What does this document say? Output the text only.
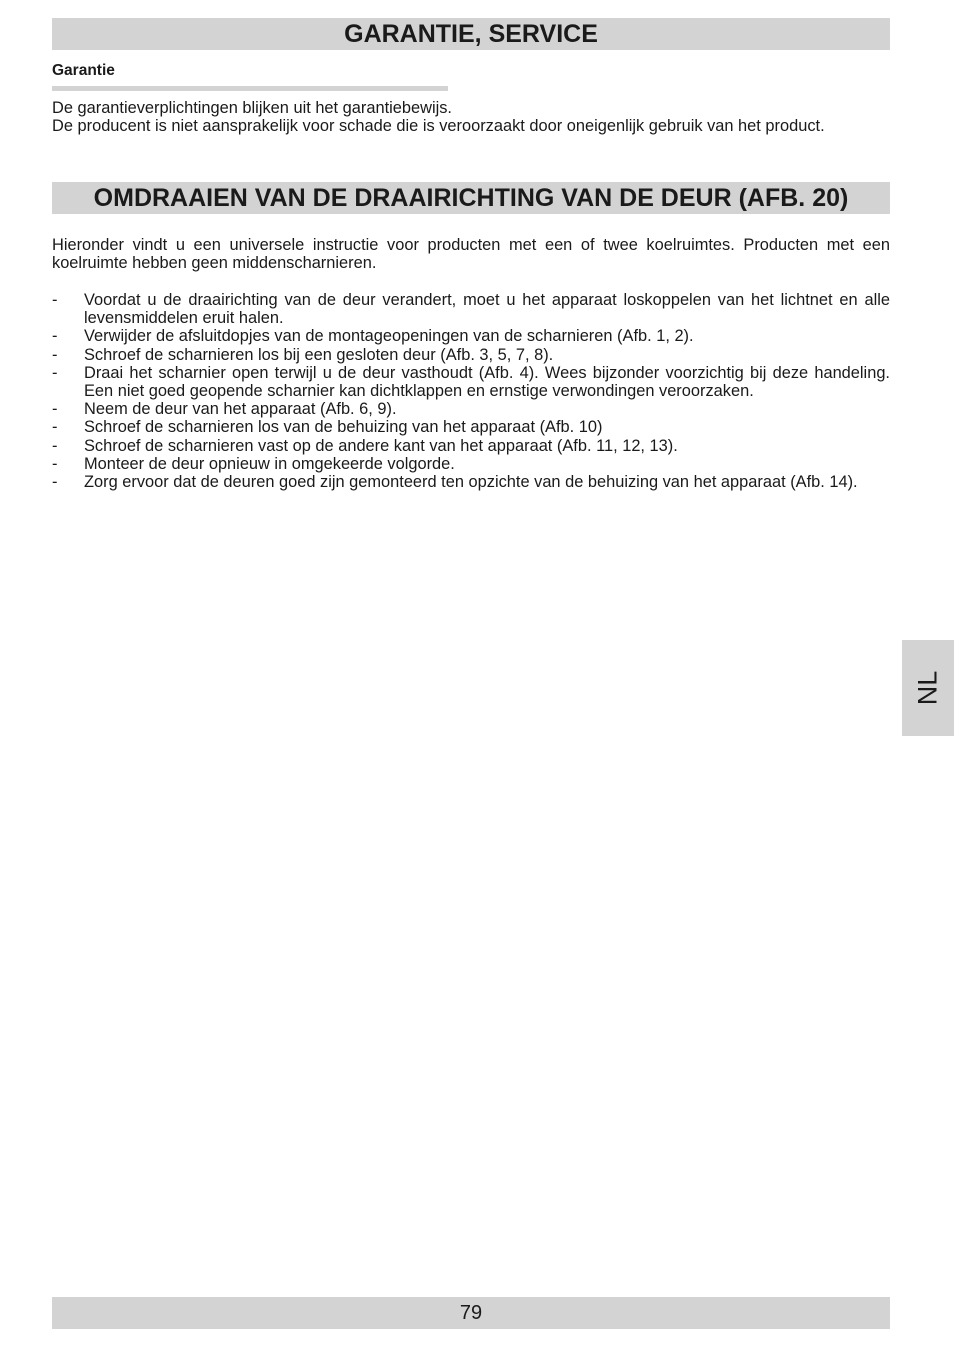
GARANTIE, SERVICE
Garantie

De garantieverplichtingen blijken uit het garantiebewijs.
De producent is niet aansprakelijk voor schade die is veroorzaakt door oneigenlijk gebruik van het product.

OMDRAAIEN VAN DE DRAAIRICHTING VAN DE DEUR (AFB. 20)

Hieronder vindt u een universele instructie voor producten met een of twee koelruimtes. Producten met een koelruimte hebben geen middenscharnieren.

- Voordat u de draairichting van de deur verandert, moet u het apparaat loskoppelen van het lichtnet en alle levensmiddelen eruit halen.
- Verwijder de afsluitdopjes van de montageopeningen van de scharnieren (Afb. 1, 2).
- Schroef de scharnieren los bij een gesloten deur (Afb. 3, 5, 7, 8).
- Draai het scharnier open terwijl u de deur vasthoudt (Afb. 4). Wees bijzonder voorzichtig bij deze handeling. Een niet goed geopende scharnier kan dichtklappen en ernstige verwondingen veroorzaken.
- Neem de deur van het apparaat (Afb. 6, 9).
- Schroef de scharnieren los van de behuizing van het apparaat (Afb. 10)
- Schroef de scharnieren vast op de andere kant van het apparaat (Afb. 11, 12, 13).
- Monteer de deur opnieuw in omgekeerde volgorde.
- Zorg ervoor dat de deuren goed zijn gemonteerd ten opzichte van de behuizing van het apparaat (Afb. 14).
NL
79
